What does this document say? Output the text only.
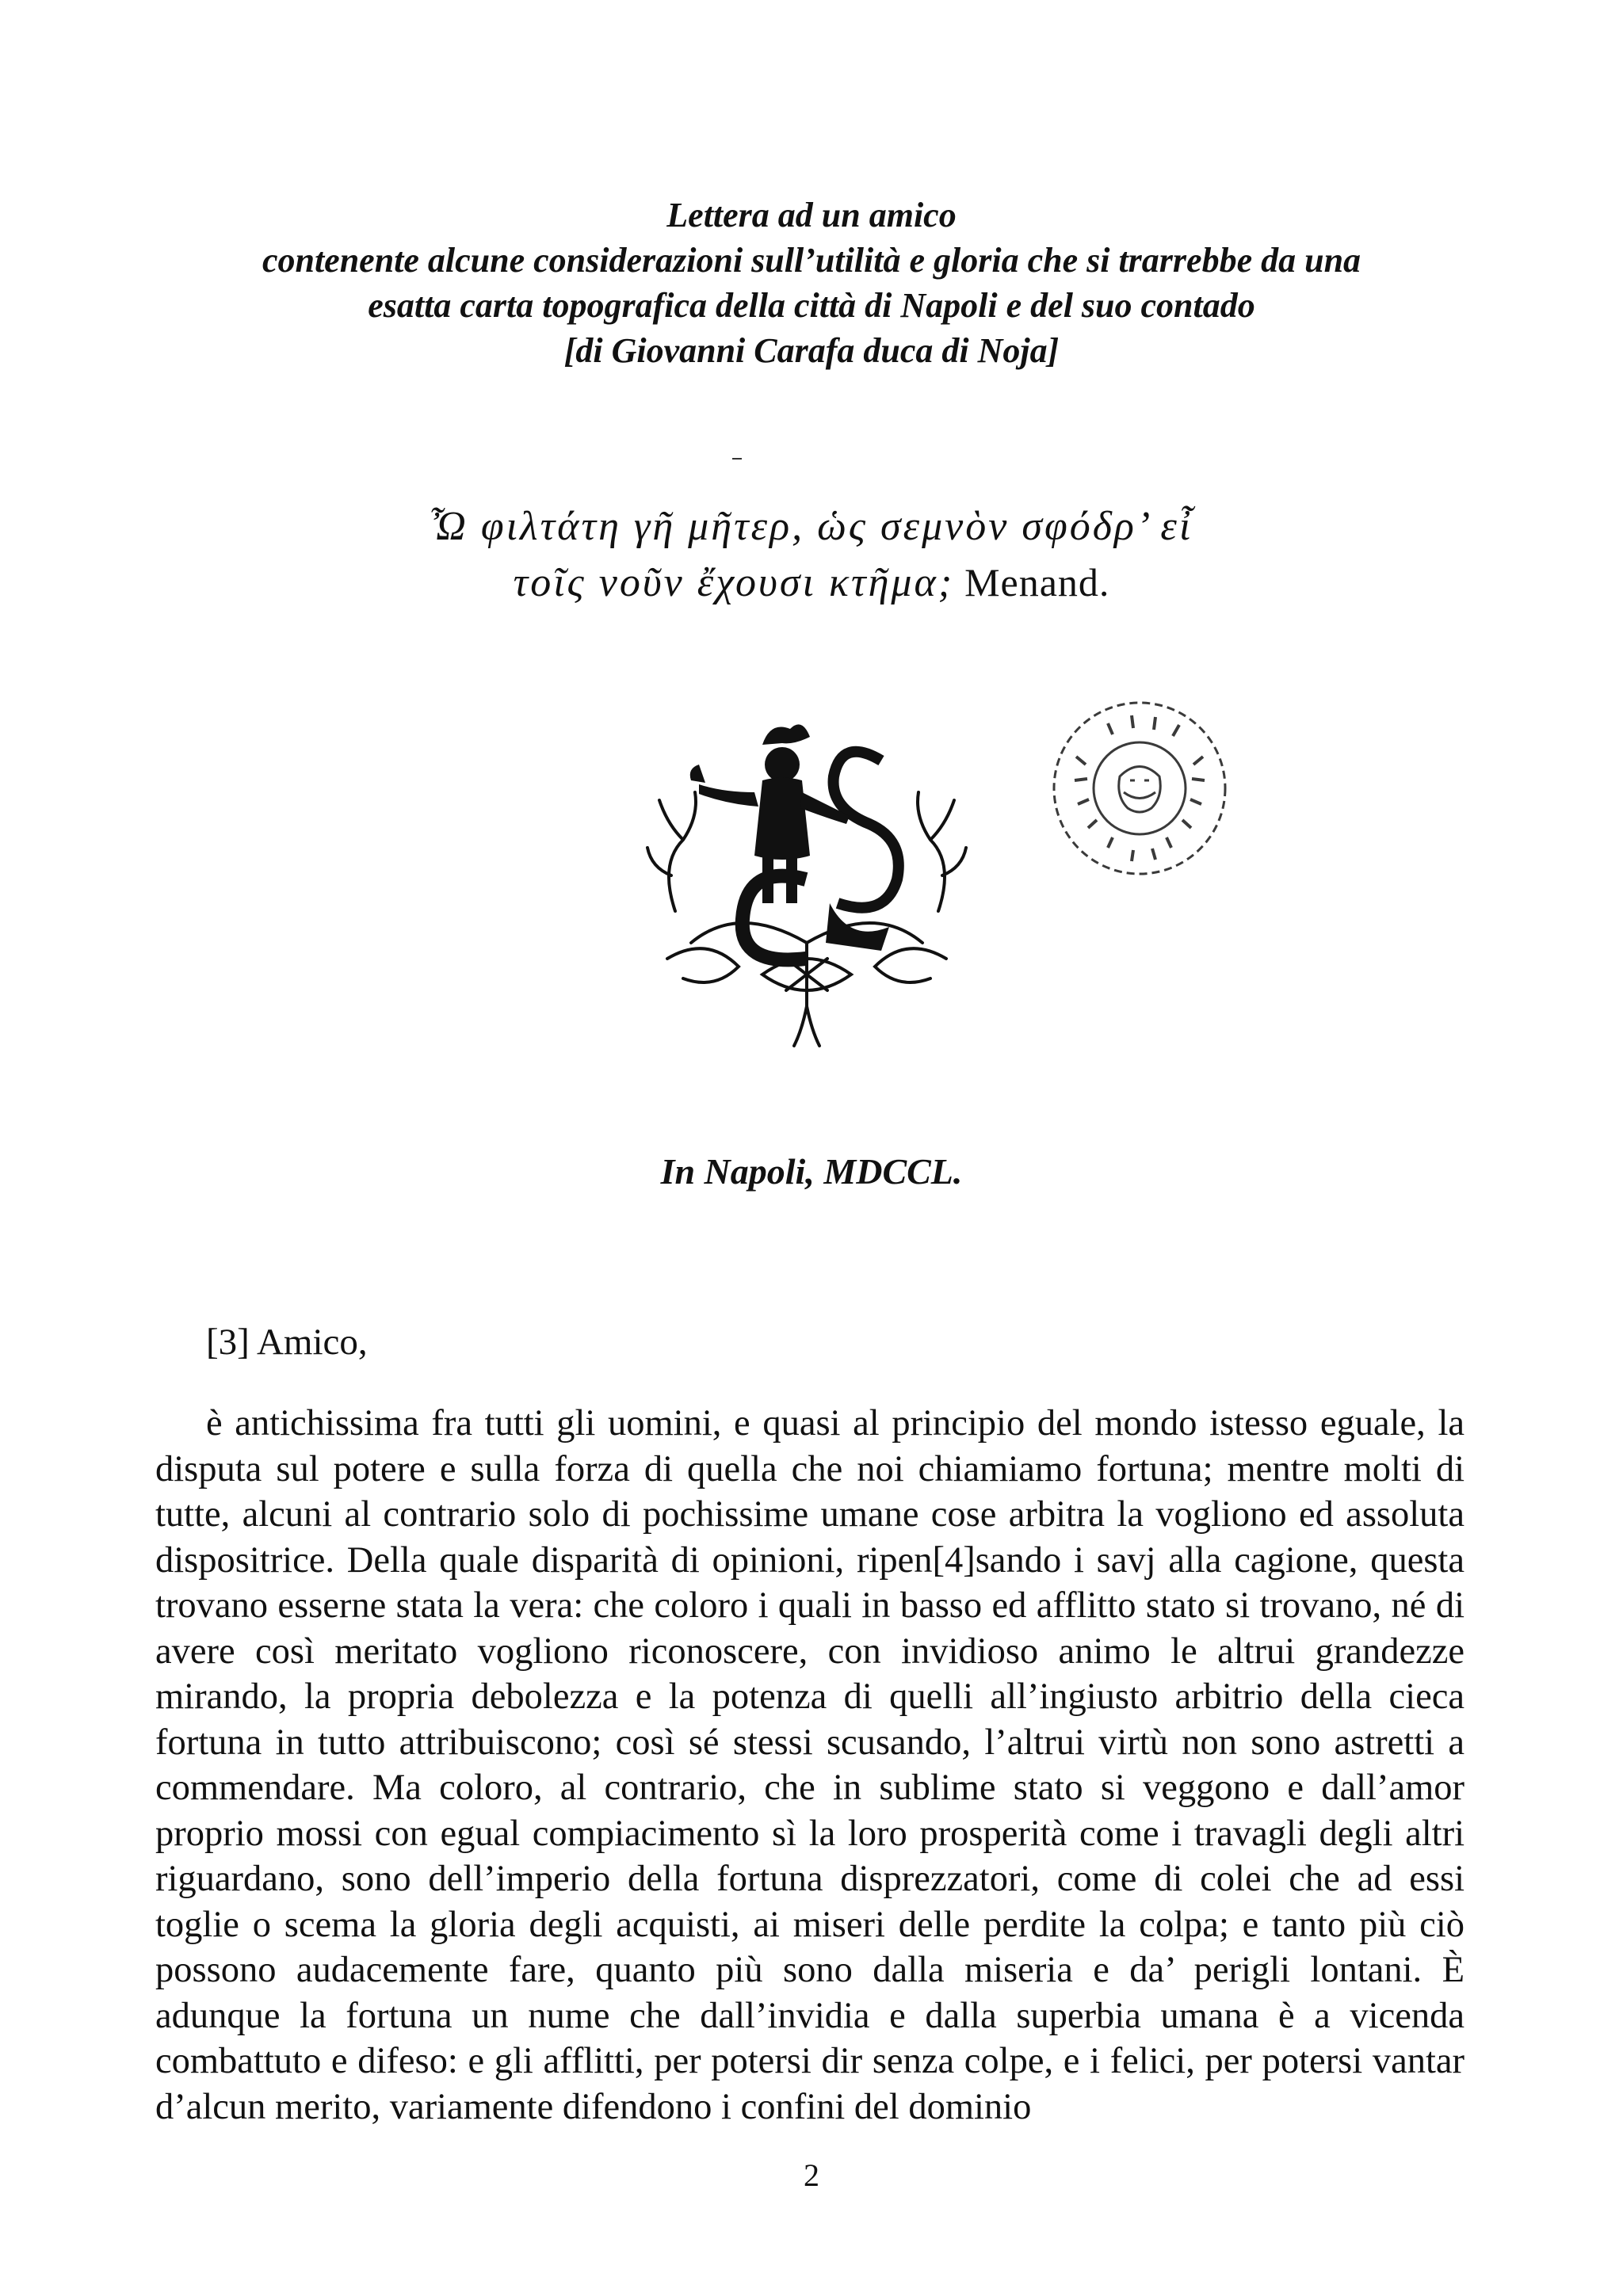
Lettera ad un amico
contenente alcune considerazioni sull’utilità e gloria che si trarrebbe da una
esatta carta topografica della città di Napoli e del suo contado
[di Giovanni Carafa duca di Noja]
Ὦ φιλτάτη γῆ μῆτερ, ὡς σεμνὸν σφόδρ’ εἶ
τοῖς νοῦν ἔχουσι κτῆμα; Menand.
In Napoli, MDCCL.
[3] Amico,

è antichissima fra tutti gli uomini, e quasi al principio del mondo istesso eguale, la disputa sul potere e sulla forza di quella che noi chiamiamo fortuna; mentre molti di tutte, alcuni al contrario solo di pochissime umane cose arbitra la vogliono ed assoluta dispositrice. Della quale disparità di opinioni, ripen[4]sando i savj alla cagione, questa trovano esserne stata la vera: che coloro i quali in basso ed afflitto stato si trovano, né di avere così meritato vogliono riconoscere, con invidioso animo le altrui grandezze mirando, la propria debolezza e la potenza di quelli all’ingiusto arbitrio della cieca fortuna in tutto attribuiscono; così sé stessi scusando, l’altrui virtù non sono astretti a commendare. Ma coloro, al contrario, che in sublime stato si veggono e dall’amor proprio mossi con egual compiacimento sì la loro prosperità come i travagli degli altri riguardano, sono dell’imperio della fortuna disprezzatori, come di colei che ad essi toglie o scema la gloria degli acquisti, ai miseri delle perdite la colpa; e tanto più ciò possono audacemente fare, quanto più sono dalla miseria e da’ perigli lontani. È adunque la fortuna un nume che dall’invidia e dalla superbia umana è a vicenda combattuto e difeso: e gli afflitti, per potersi dir senza colpe, e i felici, per potersi vantar d’alcun merito, variamente difendono i confini del dominio

2
